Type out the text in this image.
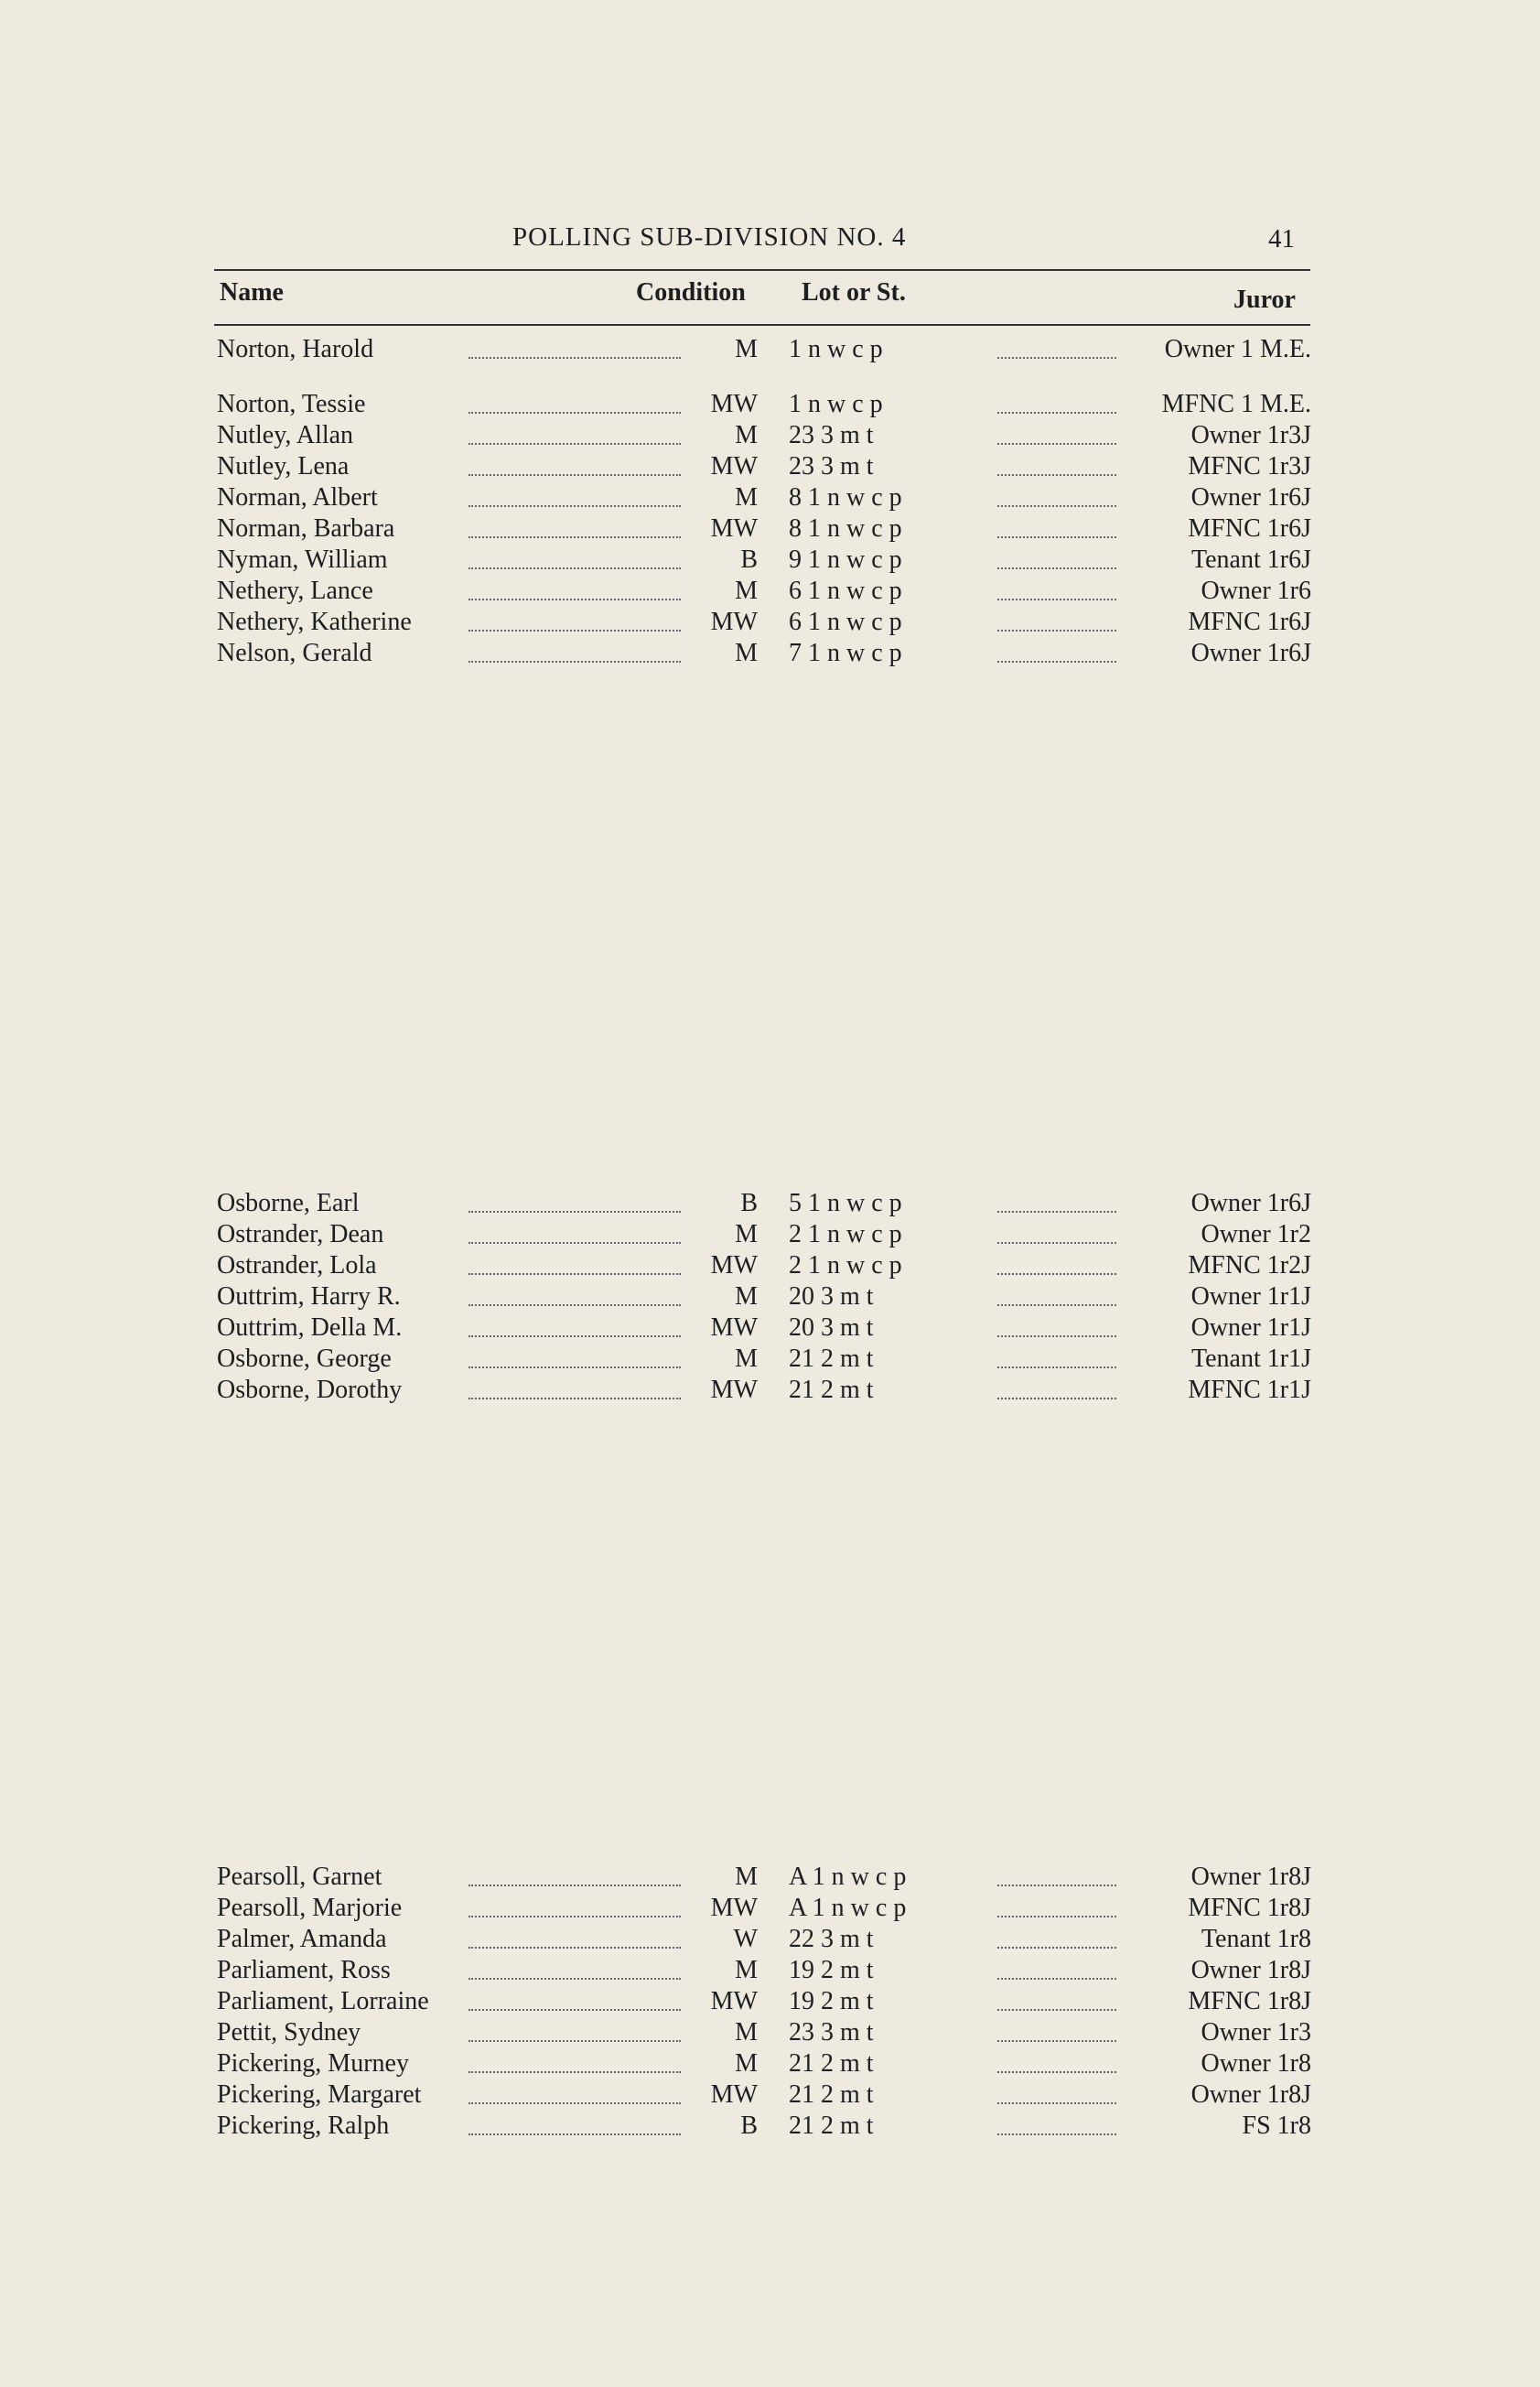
POLLING SUB-DIVISION NO. 4	41
Name	Condition Lot or St.	Juror
Norton, Harold	M 1 n w c p	Owner 1 M.E.
Norton, Tessie	MW 1 n w c p	MFNC 1 M.E.
Nutley, Allan	M 23 3 m t	Owner 1r3J
Nutley, Lena	MW 23 3 m t	MFNC 1r3J
Norman, Albert	M 8 1 n w c p	Owner 1r6J
Norman, Barbara	MW 8 1 n w c p	MFNC 1r6J
Nyman, William	B 9 1 n w c p	Tenant 1r6J
Nethery, Lance	M 6 1 n w c p	Owner 1r6
Nethery, Katherine	MW 6 1 n w c p	MFNC 1r6J
Nelson, Gerald	M 7 1 n w c p	Owner 1r6J
Osborne, Earl	B 5 1 n w c p	Owner 1r6J
Ostrander, Dean	M 2 1 n w c p	Owner 1r2
Ostrander, Lola	MW 2 1 n w c p	MFNC 1r2J
Outtrim, Harry R.	M 20 3 m t	Owner 1r1J
Outtrim, Della M.	MW 20 3 m t	Owner 1r1J
Osborne, George	M 21 2 m t	Tenant 1r1J
Osborne, Dorothy	MW 21 2 m t	MFNC 1r1J
Pearsoll, Garnet	M A 1 n w c p	Owner 1r8J
Pearsoll, Marjorie	MW A 1 n w c p	MFNC 1r8J
Palmer, Amanda	W 22 3 m t	Tenant 1r8
Parliament, Ross	M 19 2 m t	Owner 1r8J
Parliament, Lorraine	MW 19 2 m t	MFNC 1r8J
Pettit, Sydney	M 23 3 m t	Owner 1r3
Pickering, Murney	M 21 2 m t	Owner 1r8
Pickering, Margaret	MW 21 2 m t	Owner 1r8J
Pickering, Ralph	B 21 2 m t	FS 1r8
